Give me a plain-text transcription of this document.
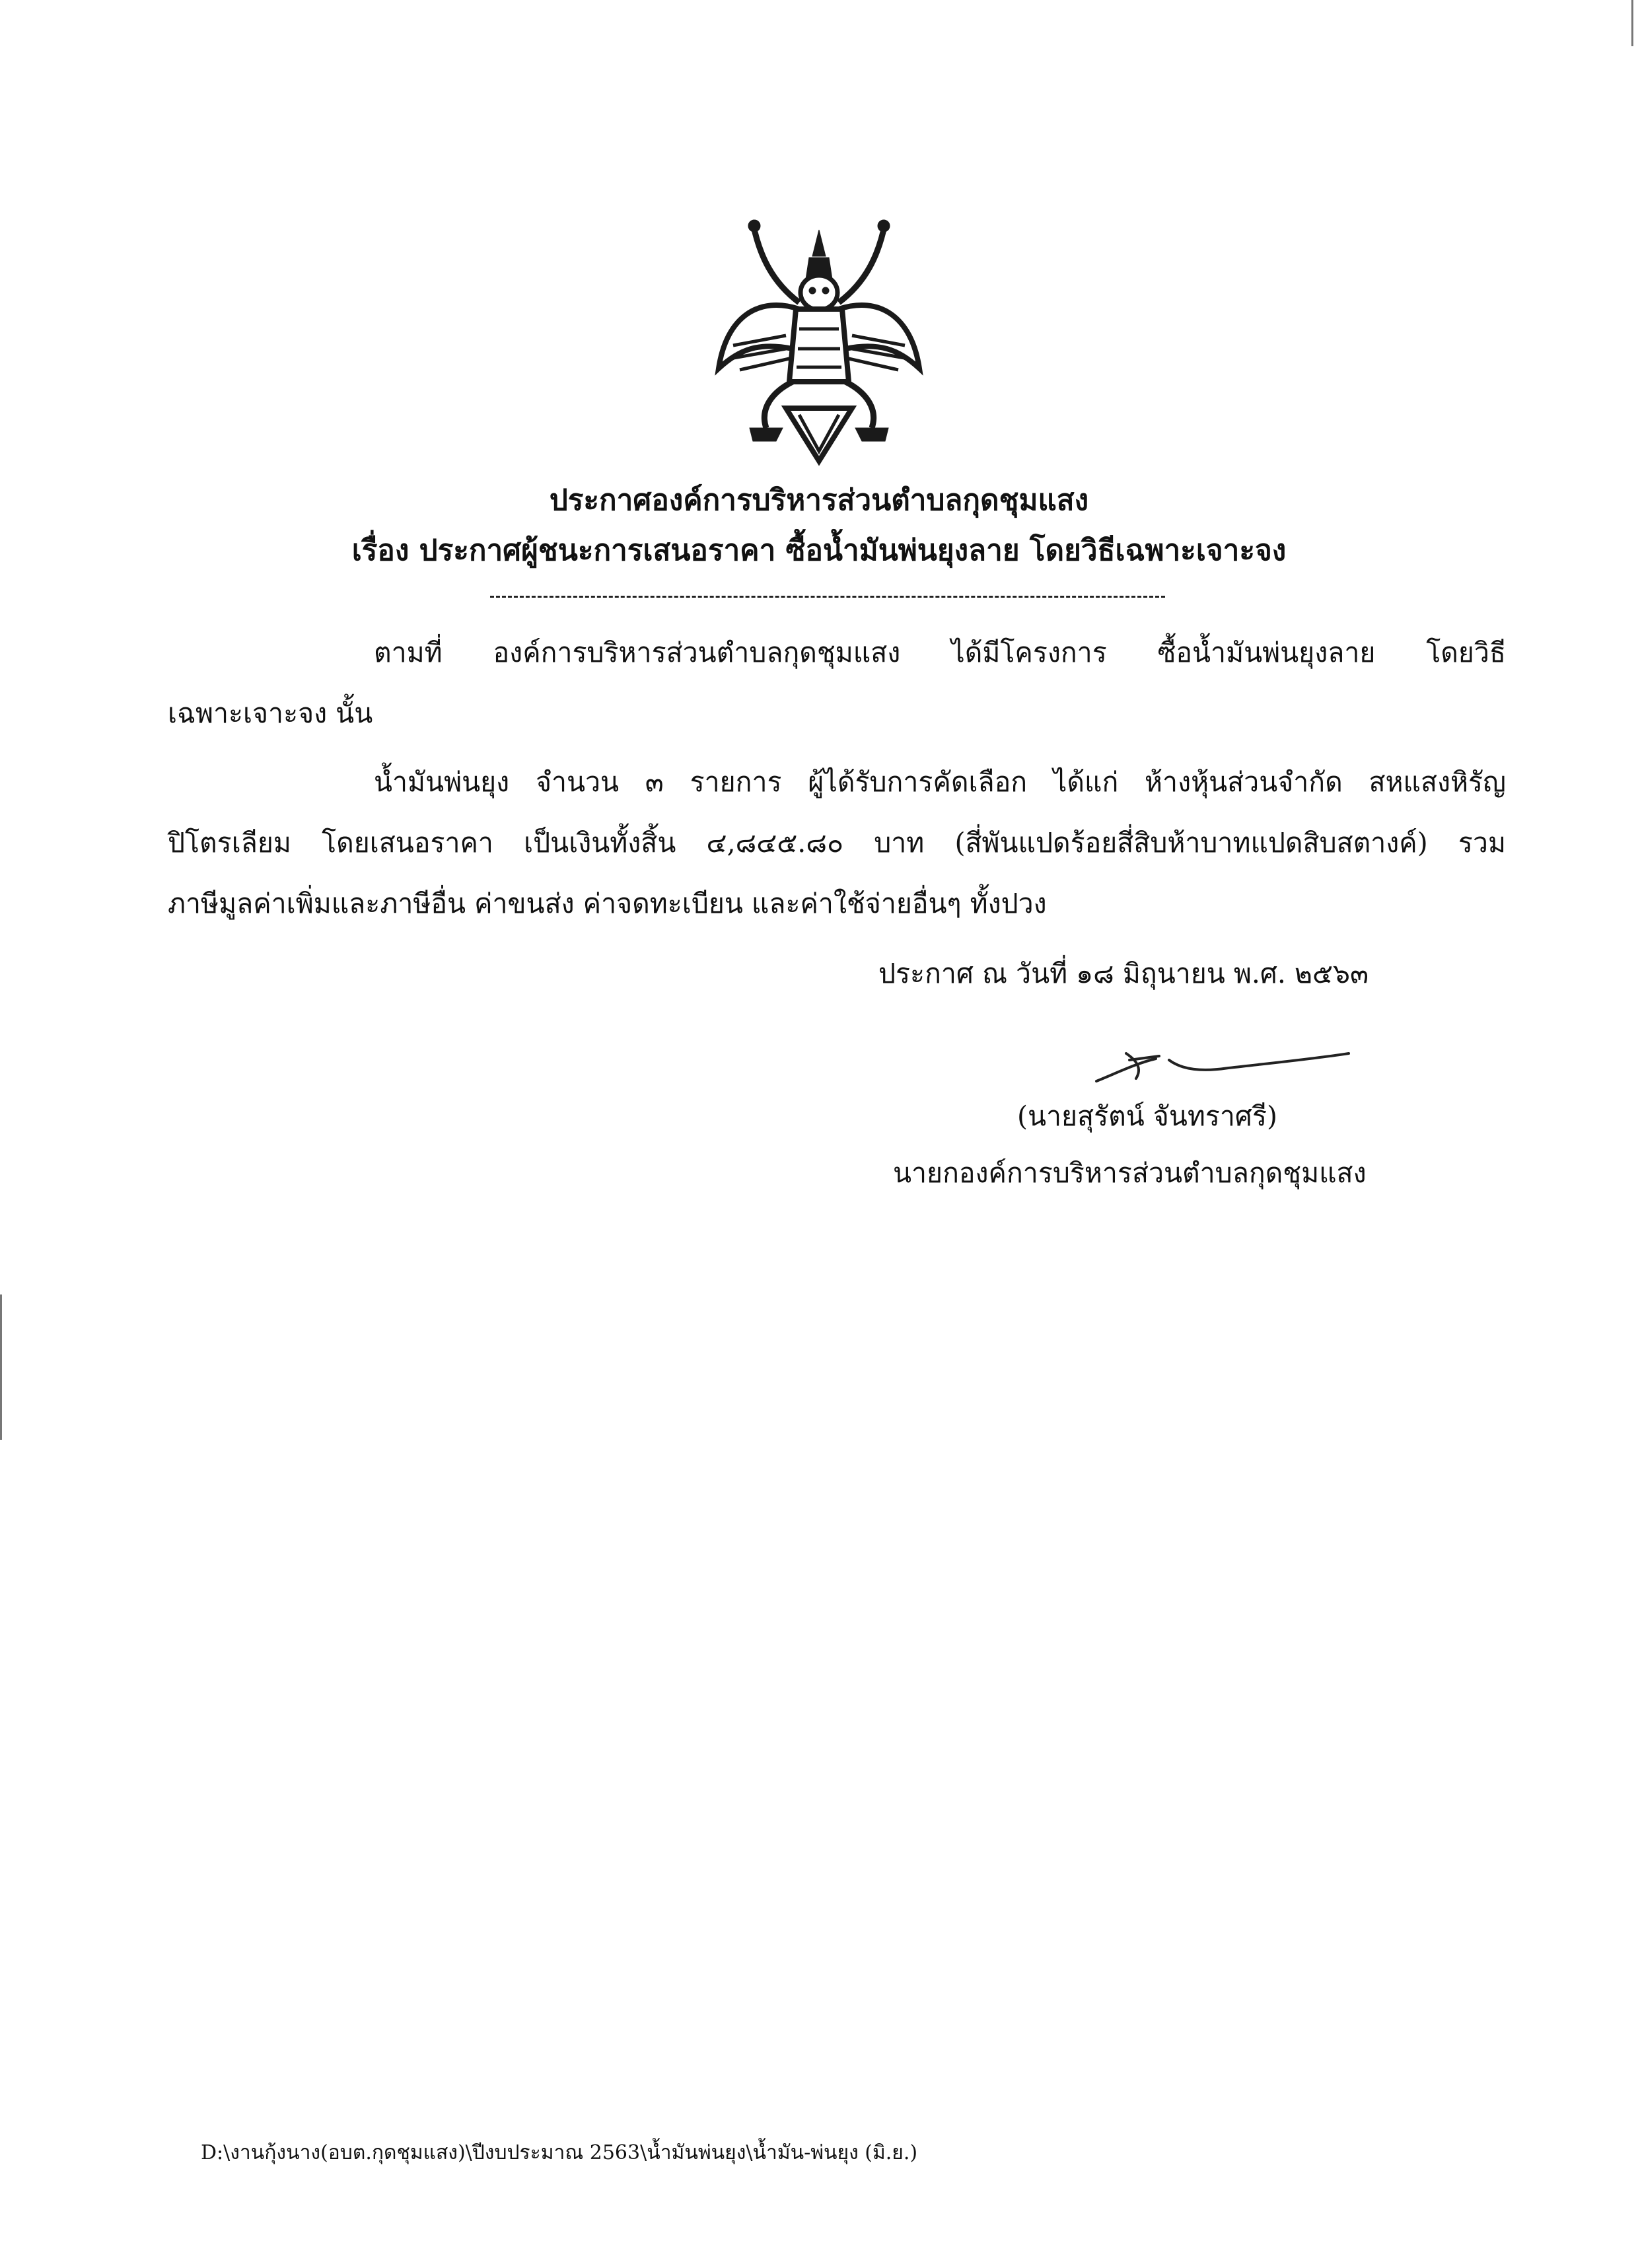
ประกาศองค์การบริหารส่วนตำบลกุดชุมแสง
เรื่อง ประกาศผู้ชนะการเสนอราคา ซื้อน้ำมันพ่นยุงลาย โดยวิธีเฉพาะเจาะจง
ตามที่ องค์การบริหารส่วนตำบลกุดชุมแสง ได้มีโครงการ ซื้อน้ำมันพ่นยุงลาย โดยวิธี
เฉพาะเจาะจง นั้น
น้ำมันพ่นยุง จำนวน ๓ รายการ ผู้ได้รับการคัดเลือก ได้แก่ ห้างหุ้นส่วนจำกัด สหแสงหิรัญ
ปิโตรเลียม โดยเสนอราคา เป็นเงินทั้งสิ้น ๔,๘๔๕.๘๐ บาท (สี่พันแปดร้อยสี่สิบห้าบาทแปดสิบสตางค์) รวม
ภาษีมูลค่าเพิ่มและภาษีอื่น ค่าขนส่ง ค่าจดทะเบียน และค่าใช้จ่ายอื่นๆ ทั้งปวง
ประกาศ ณ วันที่ ๑๘ มิถุนายน พ.ศ. ๒๕๖๓
(นายสุรัตน์ จันทราศรี)
นายกองค์การบริหารส่วนตำบลกุดชุมแสง
D:\งานกุ้งนาง(อบต.กุดชุมแสง)\ปีงบประมาณ 2563\น้ำมันพ่นยุง\น้ำมัน-พ่นยุง (มิ.ย.)
